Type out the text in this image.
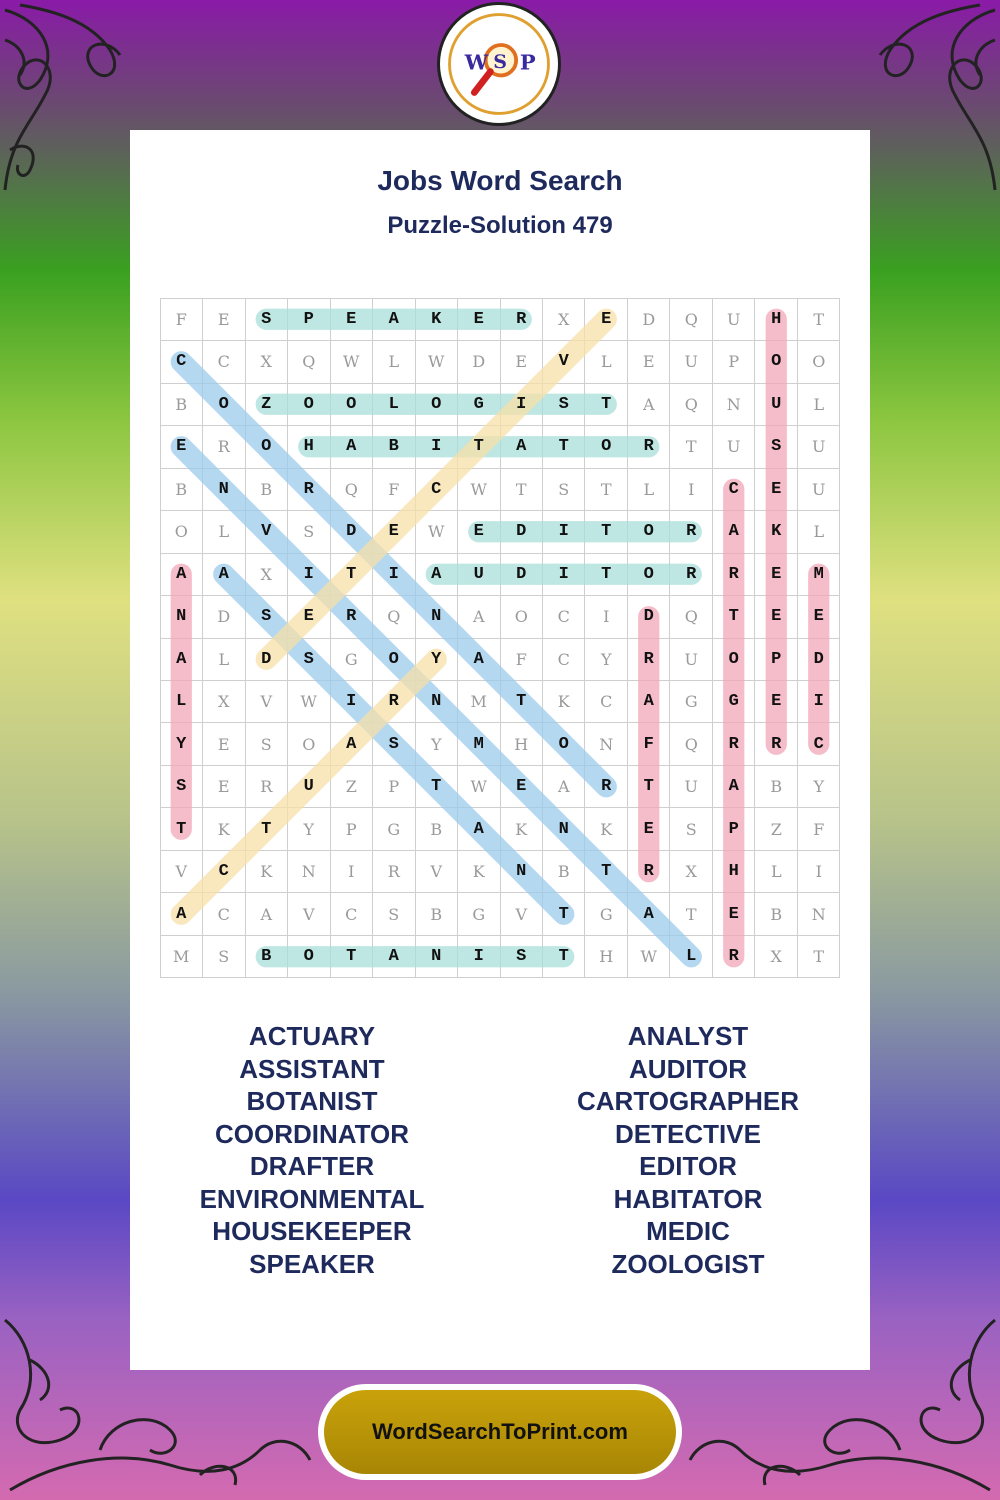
W S P
Jobs Word Search
Puzzle-Solution 479
F	E	S	P	E	A	K	E	R	X	E	D	Q	U	H	T
C	C	X	Q	W	L	W	D	E	V	L	E	U	P	O	O
B	O	Z	O	O	L	O	G	I	S	T	A	Q	N	U	L
E	R	O	H	A	B	I	T	A	T	O	R	T	U	S	U
B	N	B	R	Q	F	C	W	T	S	T	L	I	C	E	U
O	L	V	S	D	E	W	E	D	I	T	O	R	A	K	L
A	A	X	I	T	I	A	U	D	I	T	O	R	R	E	M
N	D	S	E	R	Q	N	A	O	C	I	D	Q	T	E	E
A	L	D	S	G	O	Y	A	F	C	Y	R	U	O	P	D
L	X	V	W	I	R	N	M	T	K	C	A	G	G	E	I
Y	E	S	O	A	S	Y	M	H	O	N	F	Q	R	R	C
S	E	R	U	Z	P	T	W	E	A	R	T	U	A	B	Y
T	K	T	Y	P	G	B	A	K	N	K	E	S	P	Z	F
V	C	K	N	I	R	V	K	N	B	T	R	X	H	L	I
A	C	A	V	C	S	B	G	V	T	G	A	T	E	B	N
M	S	B	O	T	A	N	I	S	T	H	W	L	R	X	T
ACTUARY
ASSISTANT
BOTANIST
COORDINATOR
DRAFTER
ENVIRONMENTAL
HOUSEKEEPER
SPEAKER
ANALYST
AUDITOR
CARTOGRAPHER
DETECTIVE
EDITOR
HABITATOR
MEDIC
ZOOLOGIST
WordSearchToPrint.com
